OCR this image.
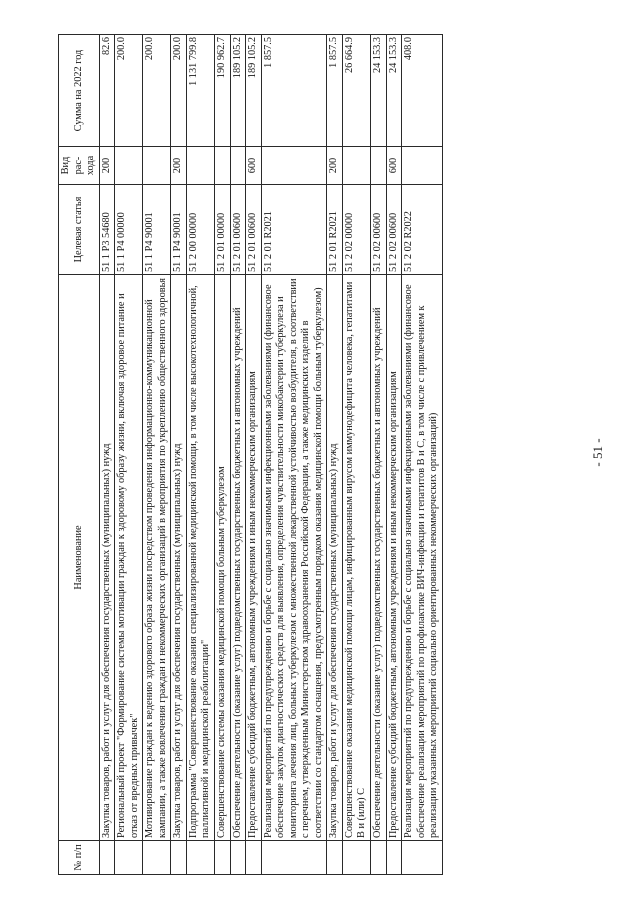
- 51 -
№ п/п	Наименование	Целевая статья	Вид рас-хода	Сумма на 2022 год
	Закупка товаров, работ и услуг для обеспечения государственных (муниципальных) нужд	51 1 P3 54680	200	82.6
	Региональный проект "Формирование системы мотивации граждан к здоровому образу жизни, включая здоровое питание и отказ от вредных привычек"	51 1 P4 00000		200.0
	Мотивирование граждан к ведению здорового образа жизни посредством проведения информационно-коммуникационной кампании, а также вовлечения граждан и некоммерческих организаций в мероприятия по укреплению общественного здоровья	51 1 P4 90001		200.0
	Закупка товаров, работ и услуг для обеспечения государственных (муниципальных) нужд	51 1 P4 90001	200	200.0
	Подпрограмма "Совершенствование оказания специализированной медицинской помощи, в том числе высокотехнологичной, паллиативной и медицинской реабилитации"	51 2 00 00000		1 131 799.8
	Совершенствование системы оказания медицинской помощи больным туберкулезом	51 2 01 00000		190 962.7
	Обеспечение деятельности (оказание услуг) подведомственных государственных бюджетных и автономных учреждений	51 2 01 00600		189 105.2
	Предоставление субсидий бюджетным, автономным учреждениям и иным некоммерческим организациям	51 2 01 00600	600	189 105.2
	Реализация мероприятий по предупреждению и борьбе с социально значимыми инфекционными заболеваниями (финансовое обеспечение закупок диагностических средств для выявления, определения чувствительности микобактерии туберкулеза и мониторинга лечения лиц, больных туберкулезом с множественной лекарственной устойчивостью возбудителя, в соответствии с перечнем, утвержденным Министерством здравоохранения Российской Федерации, а также медицинских изделий в соответствии со стандартом оснащения, предусмотренным порядком оказания медицинской помощи больным туберкулезом)	51 2 01 R2021		1 857.5
	Закупка товаров, работ и услуг для обеспечения государственных (муниципальных) нужд	51 2 01 R2021	200	1 857.5
	Совершенствование оказания медицинской помощи лицам, инфицированным вирусом иммунодефицита человека, гепатитами В и (или) С	51 2 02 00000		26 664.9
	Обеспечение деятельности (оказание услуг) подведомственных государственных бюджетных и автономных учреждений	51 2 02 00600		24 153.3
	Предоставление субсидий бюджетным, автономным учреждениям и иным некоммерческим организациям	51 2 02 00600	600	24 153.3
	Реализация мероприятий по предупреждению и борьбе с социально значимыми инфекционными заболеваниями (финансовое обеспечение реализации мероприятий по профилактике ВИЧ-инфекции и гепатитов В и С, в том числе с привлечением к реализации указанных мероприятий социально ориентированных некоммерческих организаций)	51 2 02 R2022		408.0
